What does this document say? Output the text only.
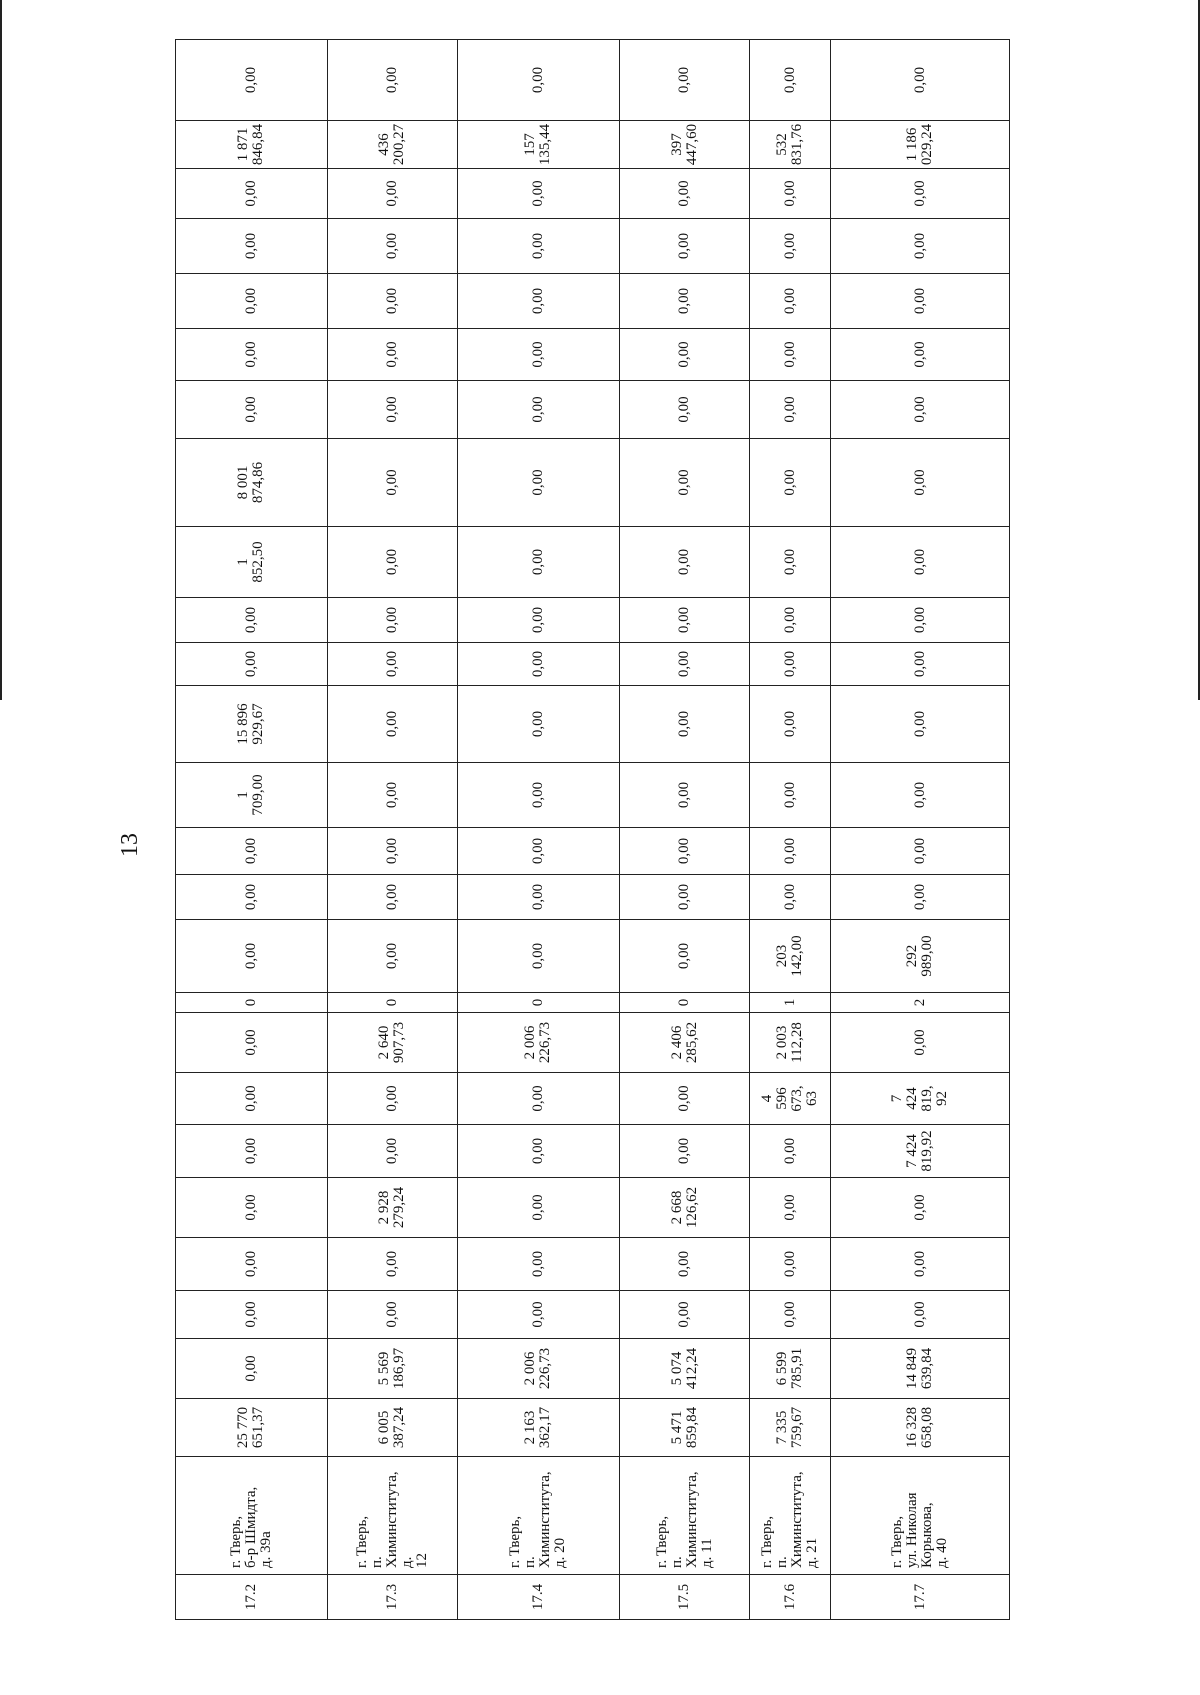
13
17.2	г. Тверь,
б-р Шмидта,
д. 39а	25 770
651,37	0,00	0,00	0,00	0,00	0,00	0,00	0,00	0	0,00	0,00	0,00	1
709,00	15 896
929,67	0,00	0,00	1
852,50	8 001
874,86	0,00	0,00	0,00	0,00	0,00	1 871
846,84	0,00
17.3	г. Тверь,
п. Химинститута, д.
12	6 005
387,24	5 569
186,97	0,00	0,00	2 928
279,24	0,00	0,00	2 640
907,73	0	0,00	0,00	0,00	0,00	0,00	0,00	0,00	0,00	0,00	0,00	0,00	0,00	0,00	0,00	436
200,27	0,00
17.4	г. Тверь,
п. Химинститута,
д. 20	2 163
362,17	2 006
226,73	0,00	0,00	0,00	0,00	0,00	2 006
226,73	0	0,00	0,00	0,00	0,00	0,00	0,00	0,00	0,00	0,00	0,00	0,00	0,00	0,00	0,00	157
135,44	0,00
17.5	г. Тверь,
п. Химинститута,
д. 11	5 471
859,84	5 074
412,24	0,00	0,00	2 668
126,62	0,00	0,00	2 406
285,62	0	0,00	0,00	0,00	0,00	0,00	0,00	0,00	0,00	0,00	0,00	0,00	0,00	0,00	0,00	397
447,60	0,00
17.6	г. Тверь,
п. Химинститута,
д. 21	7 335
759,67	6 599
785,91	0,00	0,00	0,00	0,00	4
596
673,
63	2 003
112,28	1	203
142,00	0,00	0,00	0,00	0,00	0,00	0,00	0,00	0,00	0,00	0,00	0,00	0,00	0,00	532
831,76	0,00
17.7	г. Тверь,
ул. Николая
Корыкова,
д. 40	16 328
658,08	14 849
639,84	0,00	0,00	0,00	7 424
819,92	7
424
819,
92	0,00	2	292
989,00	0,00	0,00	0,00	0,00	0,00	0,00	0,00	0,00	0,00	0,00	0,00	0,00	0,00	1 186
029,24	0,00
